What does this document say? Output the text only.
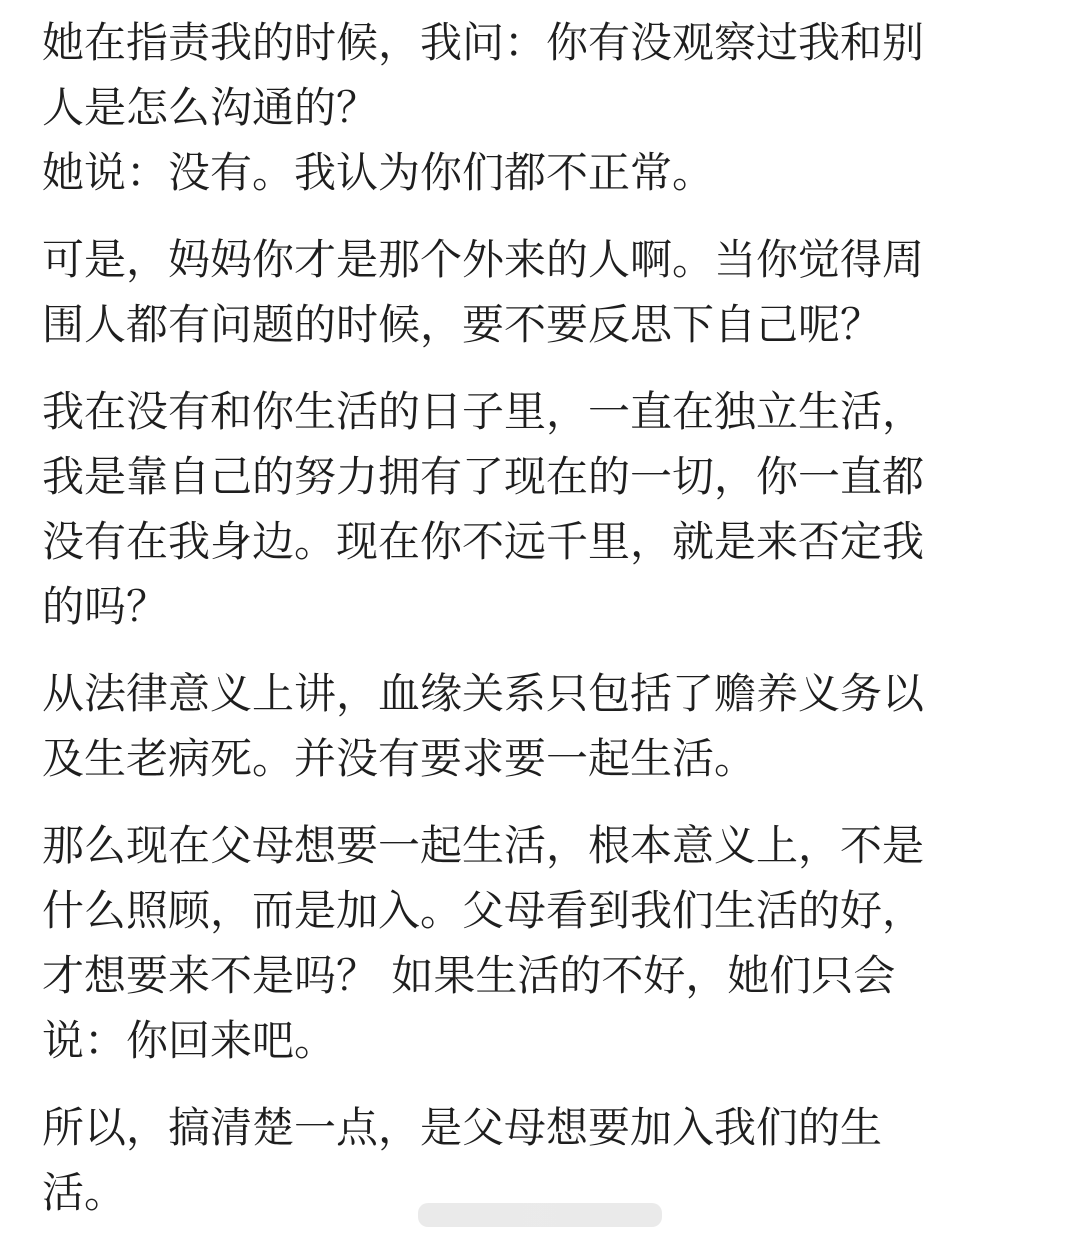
她在指责我的时候，我问：你有没观察过我和别
人是怎么沟通的？
她说：没有。我认为你们都不正常。
可是，妈妈你才是那个外来的人啊。当你觉得周
围人都有问题的时候，要不要反思下自己呢？
我在没有和你生活的日子里，一直在独立生活，
我是靠自己的努力拥有了现在的一切，你一直都
没有在我身边。现在你不远千里，就是来否定我
的吗？
从法律意义上讲，血缘关系只包括了赡养义务以
及生老病死。并没有要求要一起生活。
那么现在父母想要一起生活，根本意义上，不是
什么照顾，而是加入。父母看到我们生活的好，
才想要来不是吗？ 如果生活的不好，她们只会
说：你回来吧。
所以，搞清楚一点，是父母想要加入我们的生
活。
